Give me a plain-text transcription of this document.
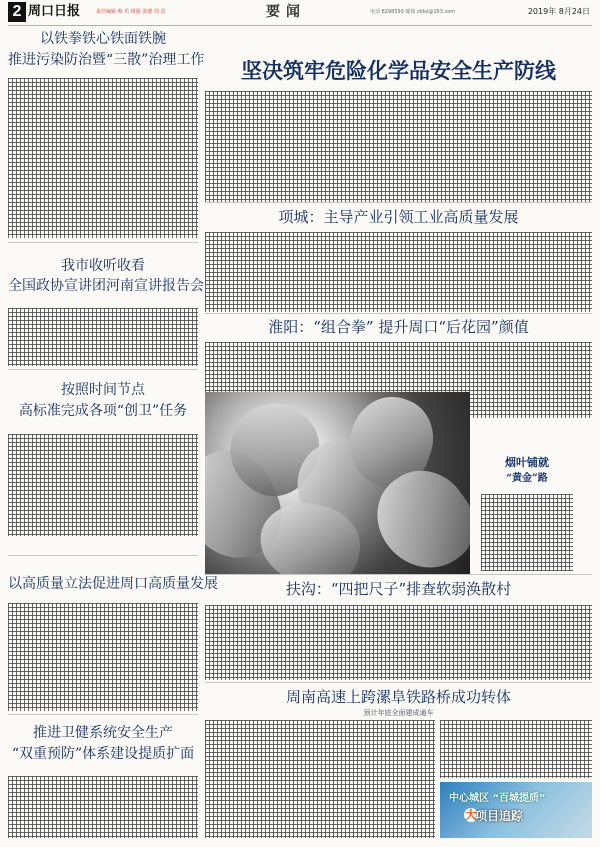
2 周口日报	责任编辑 蔡 乐 组版 张德 周 雷	要闻	电话 8298593 邮箱 zkbz@163.com	2019年 8月24日
以铁拳铁心铁面铁腕
推进污染防治暨“三散”治理工作
我市收听收看
全国政协宣讲团河南宣讲报告会
按照时间节点
高标准完成各项“创卫”任务
以高质量立法促进周口高质量发展
推进卫健系统安全生产
“双重预防”体系建设提质扩面
坚决筑牢危险化学品安全生产防线
项城：主导产业引领工业高质量发展
淮阳：“组合拳” 提升周口“后花园”颜值
烟叶铺就
“黄金”路
扶沟：“四把尺子”排查软弱涣散村
周南高速上跨漯阜铁路桥成功转体
预计年底全面建成通车
中心城区 “百城提质”
大
项目追踪
